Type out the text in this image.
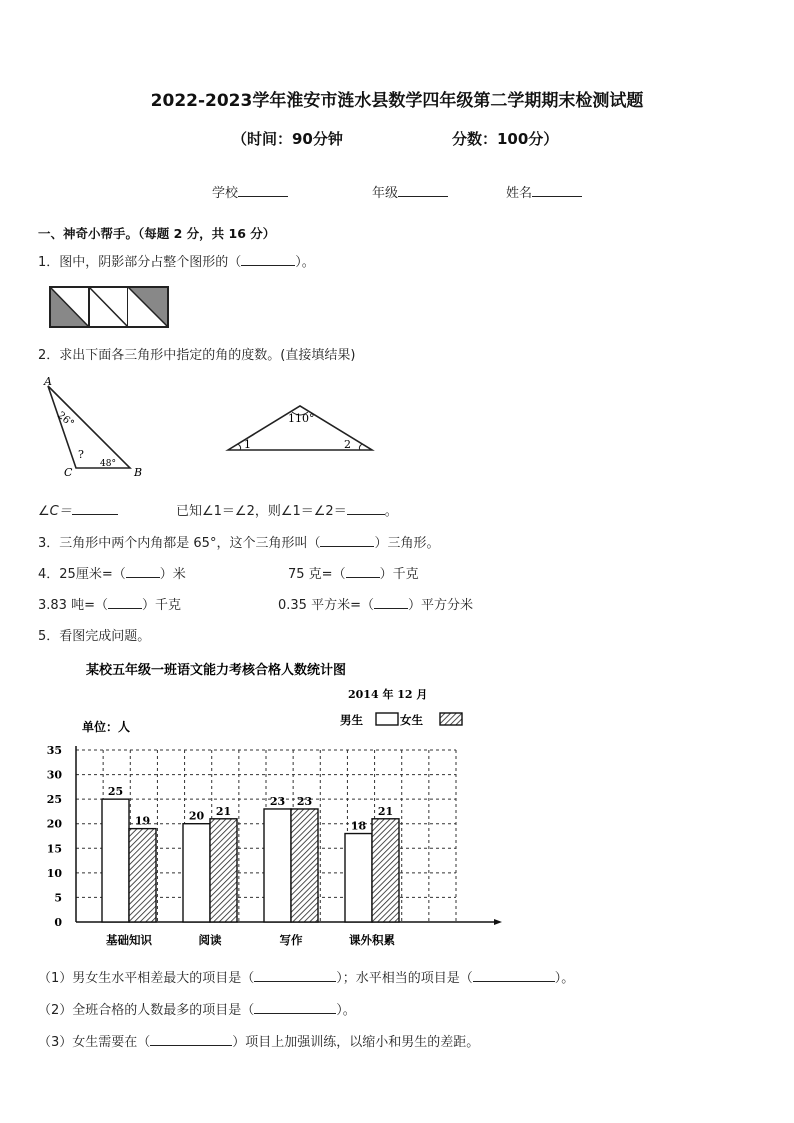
2022-2023学年淮安市涟水县数学四年级第二学期期末检测试题
（时间：90分钟	分数：100分）
学校	年级	姓名
一、神奇小帮手。（每题 2 分，共 16 分）
1．图中，阴影部分占整个图形的（	）。
2．求出下面各三角形中指定的角的度数。(直接填结果)
A
C	B
26°
?
48°
110°
1	2
∠C＝	已知∠1＝∠2，则∠1＝∠2＝	。
3．三角形中两个内角都是 65°，这个三角形叫（	）三角形。
4．25厘米=（	）米	75 克=（	）千克
3.83 吨=（	）千克	0.35 平方米=（	）平方分米
5．看图完成问题。
某校五年级一班语文能力考核合格人数统计图
2014 年 12 月
单位：人	男生	女生
0
5
10
15
20
25
30
35
25
19
基础知识
20 21
阅读
23 23
写作
18
21
课外积累
（1）男女生水平相差最大的项目是（	）；水平相当的项目是（	）。
（2）全班合格的人数最多的项目是（	）。
（3）女生需要在（	）项目上加强训练，以缩小和男生的差距。
